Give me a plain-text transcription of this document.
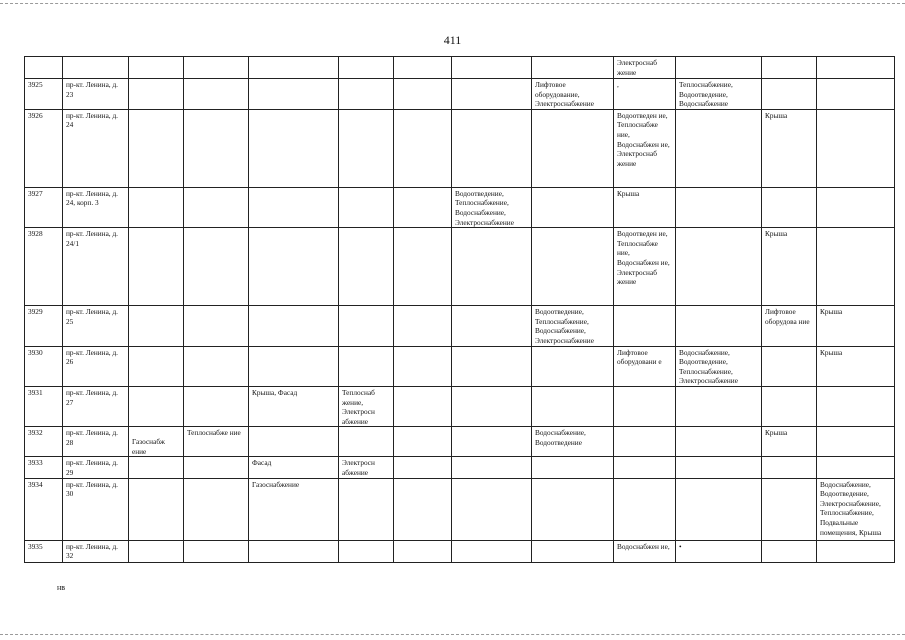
411

									Электроснаб жение			

3925	пр-кт. Ленина, д. 23							Лифтовое оборудование, Электроснабжение	,	Теплоснабжение, Водоотведение, Водоснабжение		

3926	пр-кт. Ленина, д. 24								Водоотведен ие, Теплоснабже ние, Водоснабжен ие, Электроснаб жение		Крыша	

3927	пр-кт. Ленина, д. 24, корп. 3						Водоотведение, Теплоснабжение, Водоснабжение, Электроснабжение		Крыша			

3928	пр-кт. Ленина, д. 24/1								Водоотведен ие, Теплоснабже ние, Водоснабжен ие, Электроснаб жение		Крыша	

3929	пр-кт. Ленина, д. 25							Водоотведение, Теплоснабжение, Водоснабжение, Электроснабжение			Лифтовое оборудова ние	Крыша

3930	пр-кт. Ленина, д. 26								Лифтовое оборудовани е	Водоснабжение, Водоотведение, Теплоснабжение, Электроснабжение		Крыша

3931	пр-кт. Ленина, д. 27			Крыша, Фасад	Теплоснаб жение, Электросн абжение							

3932	пр-кт. Ленина, д. 28	Газоснабж ение	Теплоснабже ние					Водоснабжение, Водоотведение			Крыша	

3933	пр-кт. Ленина, д. 29			Фасад	Электросн абжение							

3934	пр-кт. Ленина, д. 30			Газоснабжение								Водоснабжение, Водоотведение, Электроснабжение, Теплоснабжение, Подвальные помещения, Крыша

3935	пр-кт. Ленина, д. 32								Водоснабжен ие,	•		

нв
